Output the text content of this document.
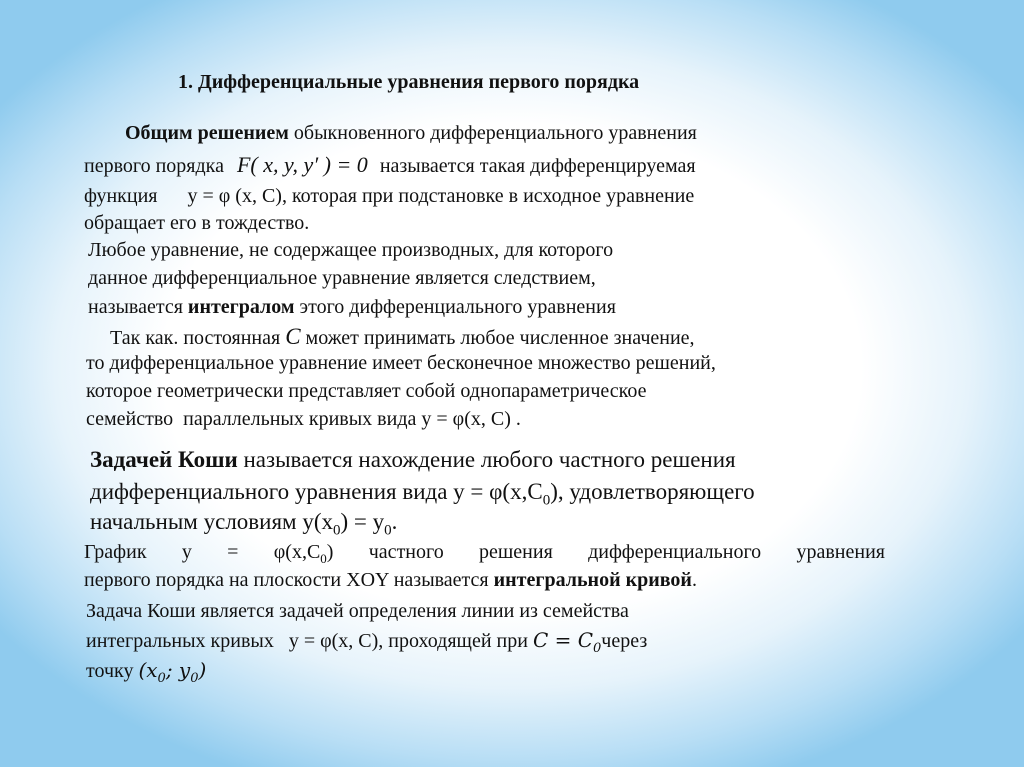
1. Дифференциальные уравнения первого порядка
Общим решением обыкновенного дифференциального уравнения
первого порядка F( x, y, y′ ) = 0 называется такая дифференцируемая
функция      y = φ (x, C), которая при подстановке в исходное уравнение
обращает его в тождество.
Любое уравнение, не содержащее производных, для которого
данное дифференциальное уравнение является следствием,
называется интегралом этого дифференциального уравнения
Так как. постоянная C может принимать любое численное значение,
то дифференциальное уравнение имеет бесконечное множество решений,
которое геометрически представляет собой однопараметрическое
семейство  параллельных кривых вида y = φ(x, C) .
Задачей Коши называется нахождение любого частного решения
дифференциального уравнения вида $y = \varphi(x,C_0)$, удовлетворяющего
начальным условиям $y(x_0) = y_0$.
График $y = \varphi(x,C_0)$ частного решения дифференциального уравнения
первого порядка на плоскости XOY называется интегральной кривой.
Задача Коши является задачей определения линии из семейства
интегральных кривых   y = φ(x, C), проходящей при $C = C_0через$
точку ($x_0$; $y_0$)
